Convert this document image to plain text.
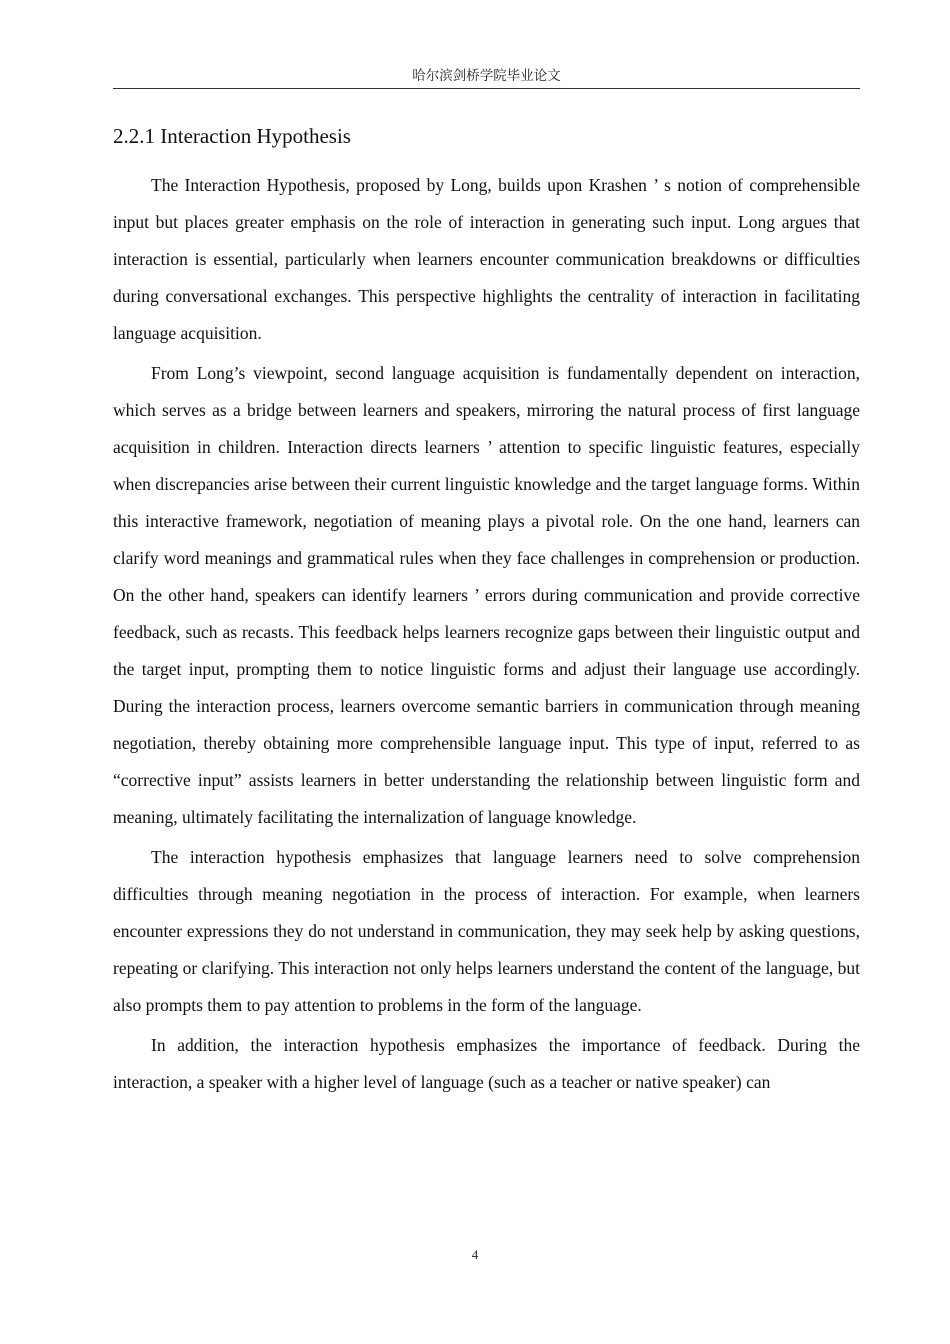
哈尔滨剑桥学院毕业论文
2.2.1 Interaction Hypothesis

The Interaction Hypothesis, proposed by Long, builds upon Krashen ’ s notion of comprehensible input but places greater emphasis on the role of interaction in generating such input. Long argues that interaction is essential, particularly when learners encounter communication breakdowns or difficulties during conversational exchanges. This perspective highlights the centrality of interaction in facilitating language acquisition.

From Long’s viewpoint, second language acquisition is fundamentally dependent on interaction, which serves as a bridge between learners and speakers, mirroring the natural process of first language acquisition in children. Interaction directs learners ’ attention to specific linguistic features, especially when discrepancies arise between their current linguistic knowledge and the target language forms. Within this interactive framework, negotiation of meaning plays a pivotal role. On the one hand, learners can clarify word meanings and grammatical rules when they face challenges in comprehension or production. On the other hand, speakers can identify learners ’ errors during communication and provide corrective feedback, such as recasts. This feedback helps learners recognize gaps between their linguistic output and the target input, prompting them to notice linguistic forms and adjust their language use accordingly. During the interaction process, learners overcome semantic barriers in communication through meaning negotiation, thereby obtaining more comprehensible language input. This type of input, referred to as “corrective input” assists learners in better understanding the relationship between linguistic form and meaning, ultimately facilitating the internalization of language knowledge.

The interaction hypothesis emphasizes that language learners need to solve comprehension difficulties through meaning negotiation in the process of interaction. For example, when learners encounter expressions they do not understand in communication, they may seek help by asking questions, repeating or clarifying. This interaction not only helps learners understand the content of the language, but also prompts them to pay attention to problems in the form of the language.

In addition, the interaction hypothesis emphasizes the importance of feedback. During the interaction, a speaker with a higher level of language (such as a teacher or native speaker) can

4
